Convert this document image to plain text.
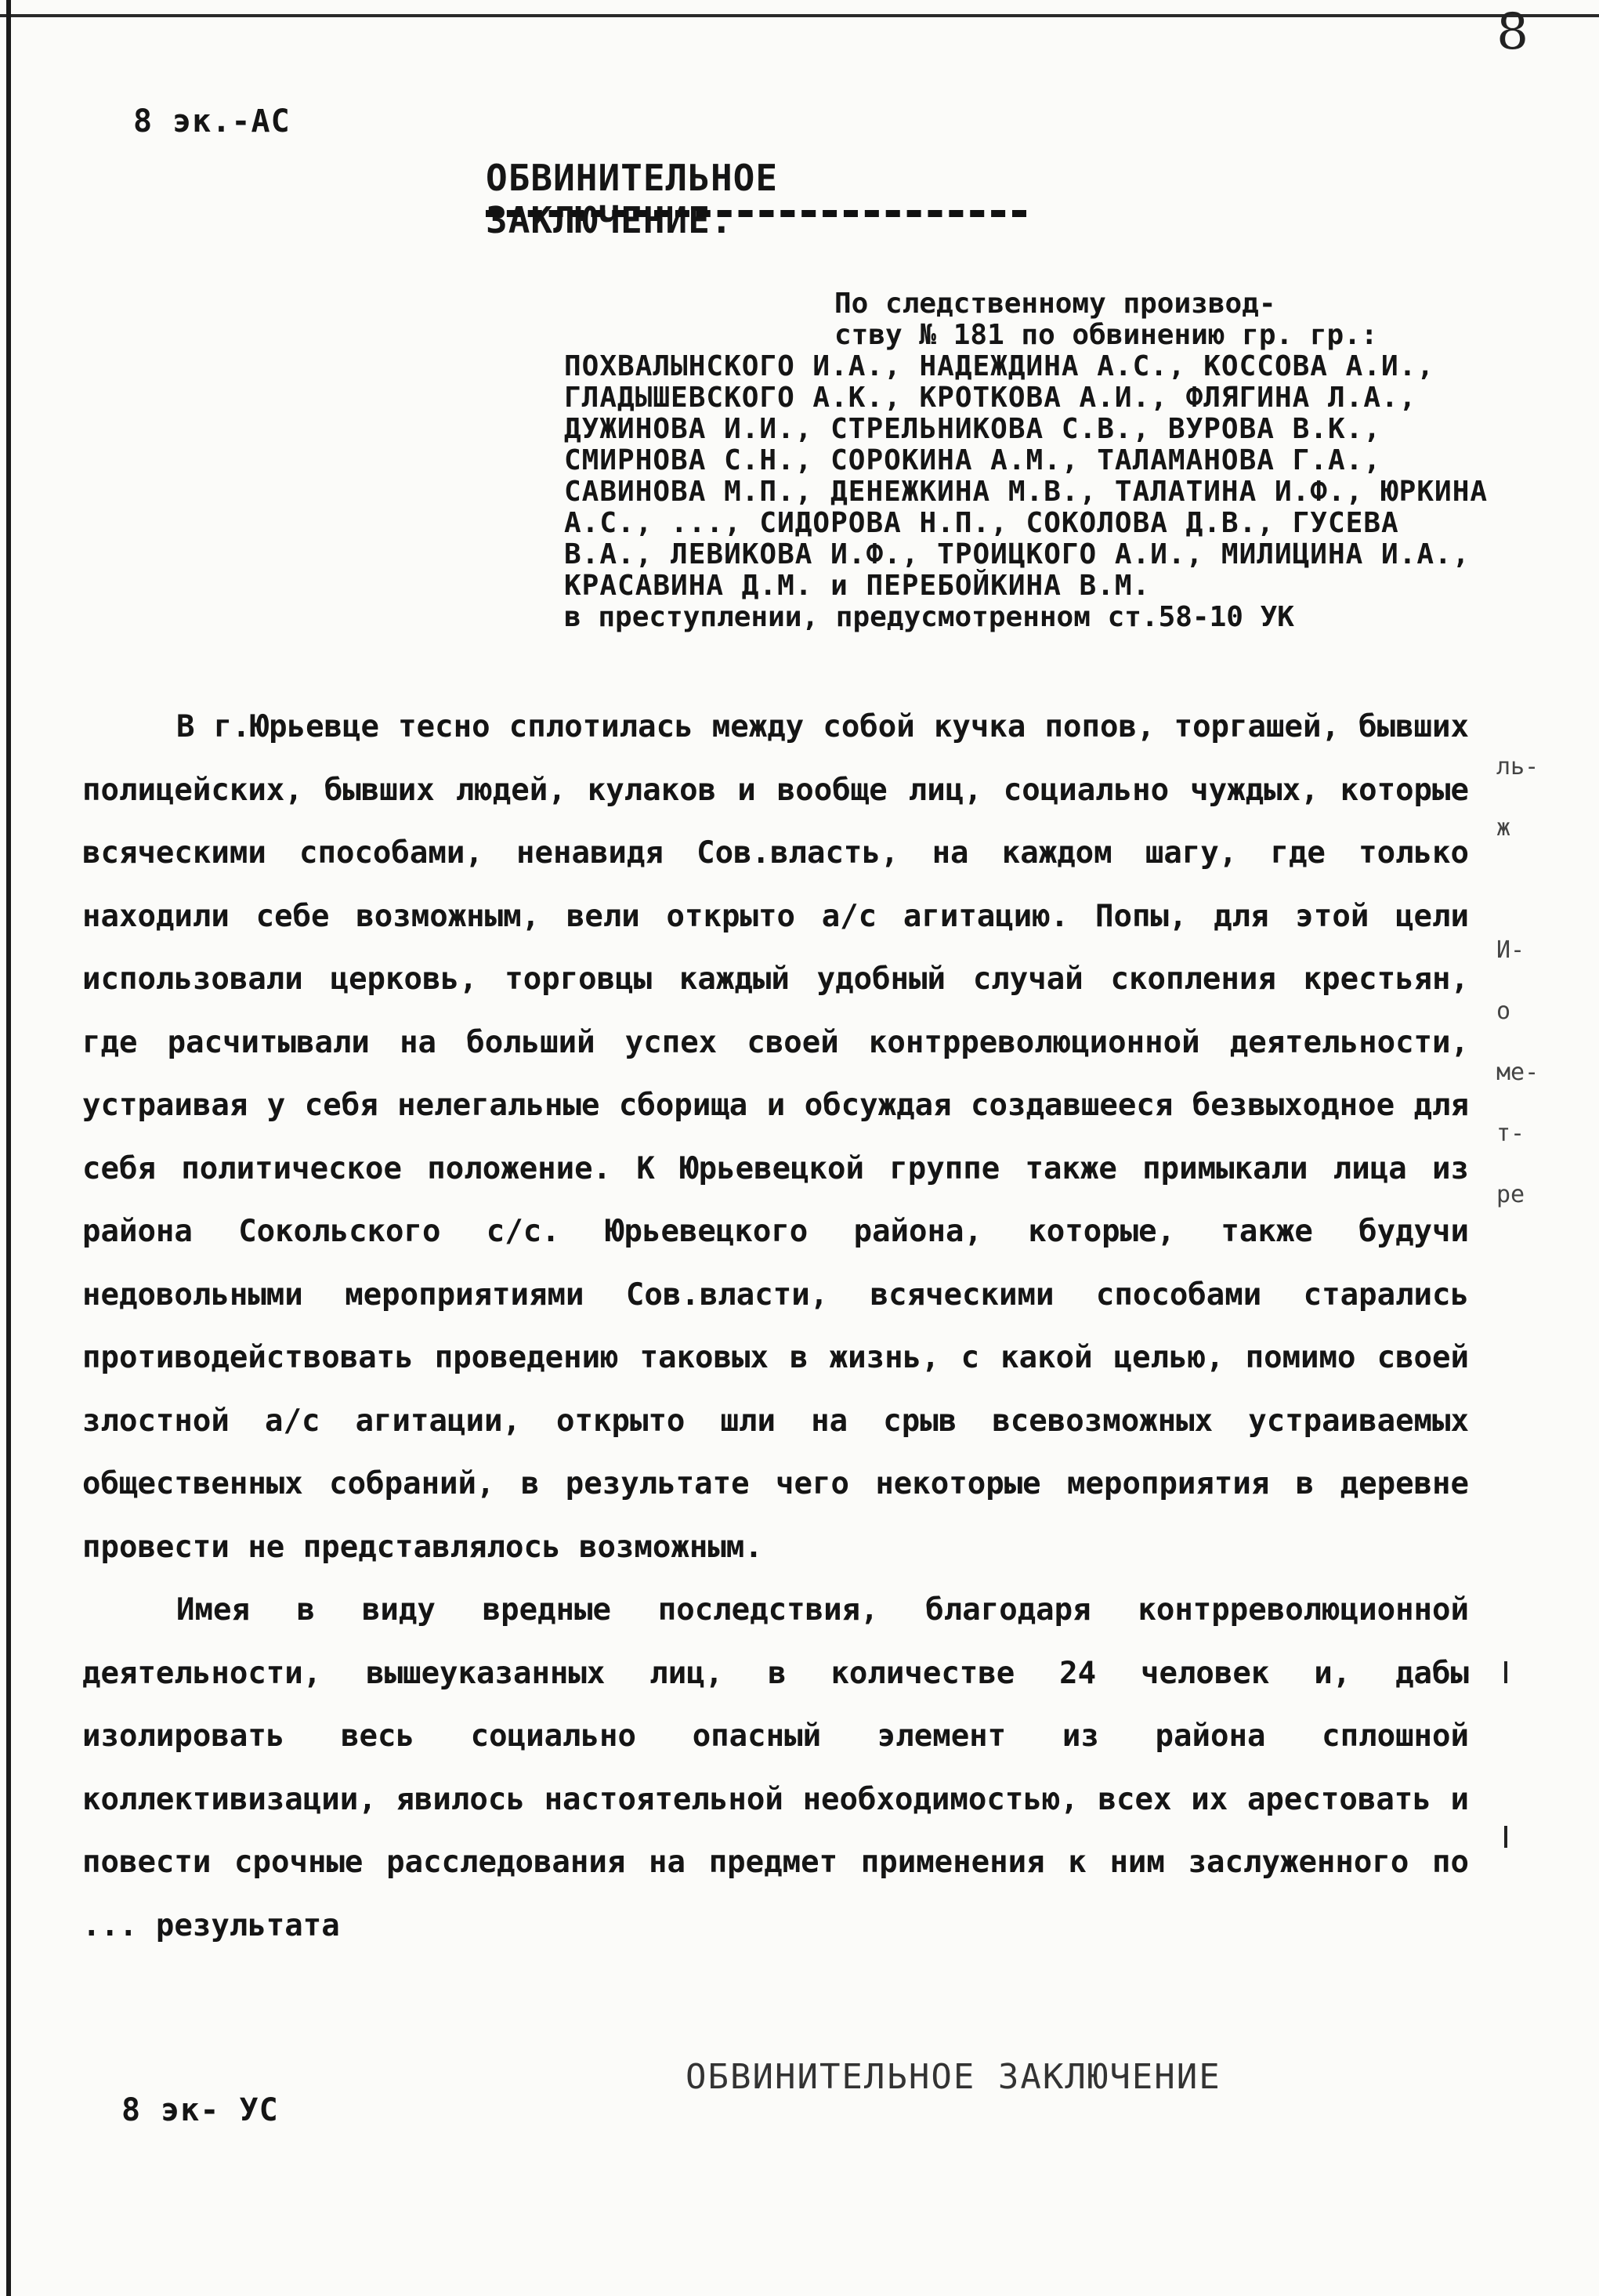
8
8 эк.-АС
ОБВИНИТЕЛЬНОЕ ЗАКЛЮЧЕНИЕ.
По следственному производ-
ству № 181 по обвинению гр. гр.:
ПОХВАЛЫНСКОГО И.А., НАДЕЖДИНА А.С., КОССОВА А.И., ГЛАДЫШЕВСКОГО А.К., КРОТКОВА А.И., ФЛЯГИНА Л.А., ДУЖИНОВА И.И., СТРЕЛЬНИКОВА С.В., ВУРОВА В.К., СМИРНОВА С.Н., СОРОКИНА А.М., ТАЛАМАНОВА Г.А., САВИНОВА М.П., ДЕНЕЖКИНА М.В., ТАЛАТИНА И.Ф., ЮРКИНА А.С., ..., СИДОРОВА Н.П., СОКОЛОВА Д.В., ГУСЕВА В.А., ЛЕВИКОВА И.Ф., ТРОИЦКОГО А.И., МИЛИЦИНА И.А., КРАСАВИНА Д.М. и ПЕРЕБОЙКИНА В.М.
в преступлении, предусмотренном ст.58-10 УК

В г.Юрьевце тесно сплотилась между собой кучка попов, торгашей, бывших полицейских, бывших людей, кулаков и вообще лиц, социально чуждых, которые всяческими способами, ненавидя Сов.власть, на каждом шагу, где только находили себе возможным, вели открыто а/с агитацию. Попы, для этой цели использовали церковь, торговцы каждый удобный случай скопления крестьян, где расчитывали на больший успех своей контрреволюционной деятельности, устраивая у себя нелегальные сборища и обсуждая создавшееся безвыходное для себя политическое положение. К Юрьевецкой группе также примыкали лица из района Сокольского с/с. Юрьевецкого района, которые, также будучи недовольными мероприятиями Сов.власти, всяческими способами старались противодействовать проведению таковых в жизнь, с какой целью, помимо своей злостной а/с агитации, открыто шли на срыв всевозможных устраиваемых общественных собраний, в результате чего некоторые мероприятия в деревне провести не представлялось возможным.

Имея в виду вредные последствия, благодаря контрреволюционной деятельности, вышеуказанных лиц, в количестве 24 человек и, дабы изолировать весь социально опасный элемент из района сплошной коллективизации, явилось настоятельной необходимостью, всех их арестовать и повести срочные расследования на предмет применения к ним заслуженного по ... результата

ОБВИНИТЕЛЬНОЕ ЗАКЛЮЧЕНИЕ
8 эк- УС
ль-
ж
И-
о
ме-
т-
ре
